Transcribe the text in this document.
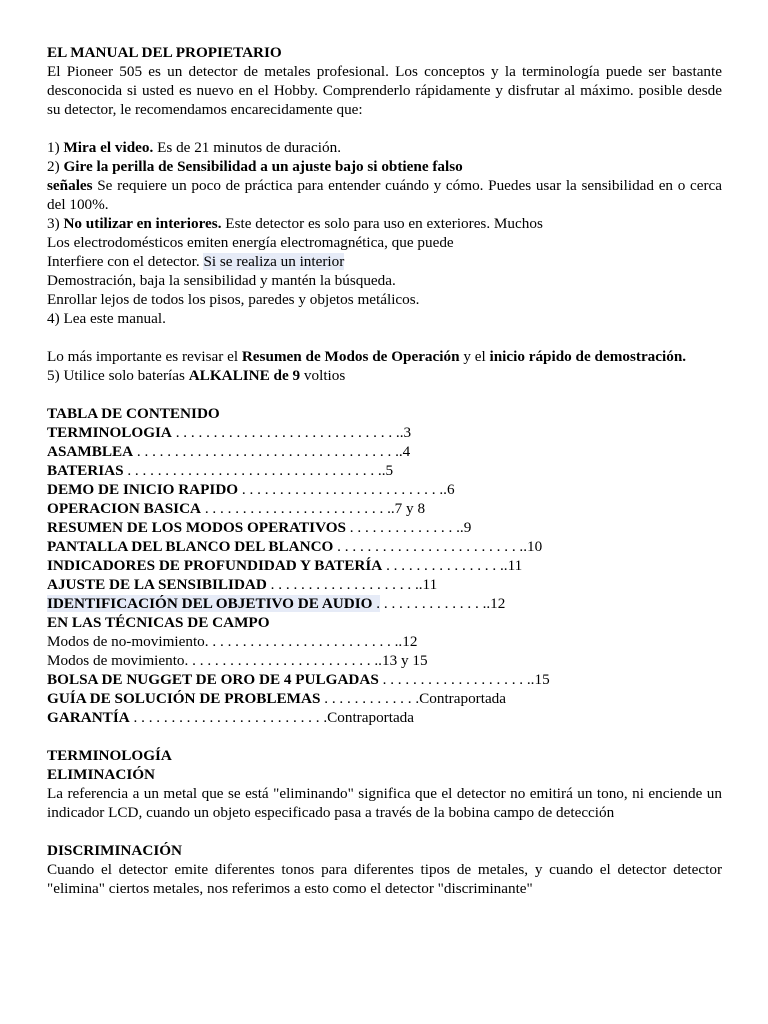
EL MANUAL DEL PROPIETARIO

El Pioneer 505 es un detector de metales profesional. Los conceptos y la terminología puede ser bastante desconocida si usted es nuevo en el Hobby. Comprenderlo rápidamente y disfrutar al máximo. posible desde su detector, le recomendamos encarecidamente que:

1) Mira el video. Es de 21 minutos de duración.

2) Gire la perilla de Sensibilidad a un ajuste bajo si obtiene falso

señales Se requiere un poco de práctica para entender cuándo y cómo. Puedes usar la sensibilidad en o cerca del 100%.

3) No utilizar en interiores. Este detector es solo para uso en exteriores. Muchos

Los electrodomésticos emiten energía electromagnética, que puede

Interfiere con el detector. Si se realiza un interior

Demostración, baja la sensibilidad y mantén la búsqueda.

Enrollar lejos de todos los pisos, paredes y objetos metálicos.

4) Lea este manual.

Lo más importante es revisar el Resumen de Modos de Operación y el inicio rápido de demostración.

5) Utilice solo baterías ALKALINE de 9 voltios

TABLA DE CONTENIDO

TERMINOLOGIA . . . . . . . . . . . . . . . . . . . . . . . . . . . . . ..3

ASAMBLEA . . . . . . . . . . . . . . . . . . . . . . . . . . . . . . . . . . ..4

BATERIAS . . . . . . . . . . . . . . . . . . . . . . . . . . . . . . . . . ..5

DEMO DE INICIO RAPIDO . . . . . . . . . . . . . . . . . . . . . . . . . . ..6

OPERACION BASICA . . . . . . . . . . . . . . . . . . . . . . . . ..7 y 8

RESUMEN DE LOS MODOS OPERATIVOS . . . . . . . . . . . . . . ..9

PANTALLA DEL BLANCO DEL BLANCO . . . . . . . . . . . . . . . . . . . . . . . . ..10

INDICADORES DE PROFUNDIDAD Y BATERÍA . . . . . . . . . . . . . . . ..11

AJUSTE DE LA SENSIBILIDAD . . . . . . . . . . . . . . . . . . . ..11

IDENTIFICACIÓN DEL OBJETIVO DE AUDIO . . . . . . . . . . . . . . ..12

EN LAS TÉCNICAS DE CAMPO

Modos de no-movimiento. . . . . . . . . . . . . . . . . . . . . . . . . ..12

Modos de movimiento. . . . . . . . . . . . . . . . . . . . . . . . . ..13 y 15

BOLSA DE NUGGET DE ORO DE 4 PULGADAS . . . . . . . . . . . . . . . . . . . ..15

GUÍA DE SOLUCIÓN DE PROBLEMAS . . . . . . . . . . . . .Contraportada

GARANTÍA . . . . . . . . . . . . . . . . . . . . . . . . . .Contraportada

TERMINOLOGÍA

ELIMINACIÓN

La referencia a un metal que se está "eliminando" significa que el detector no emitirá un tono, ni enciende un indicador LCD, cuando un objeto especificado pasa a través de la bobina campo de detección

DISCRIMINACIÓN

Cuando el detector emite diferentes tonos para diferentes tipos de metales, y cuando el detector detector "elimina" ciertos metales, nos referimos a esto como el detector "discriminante"
